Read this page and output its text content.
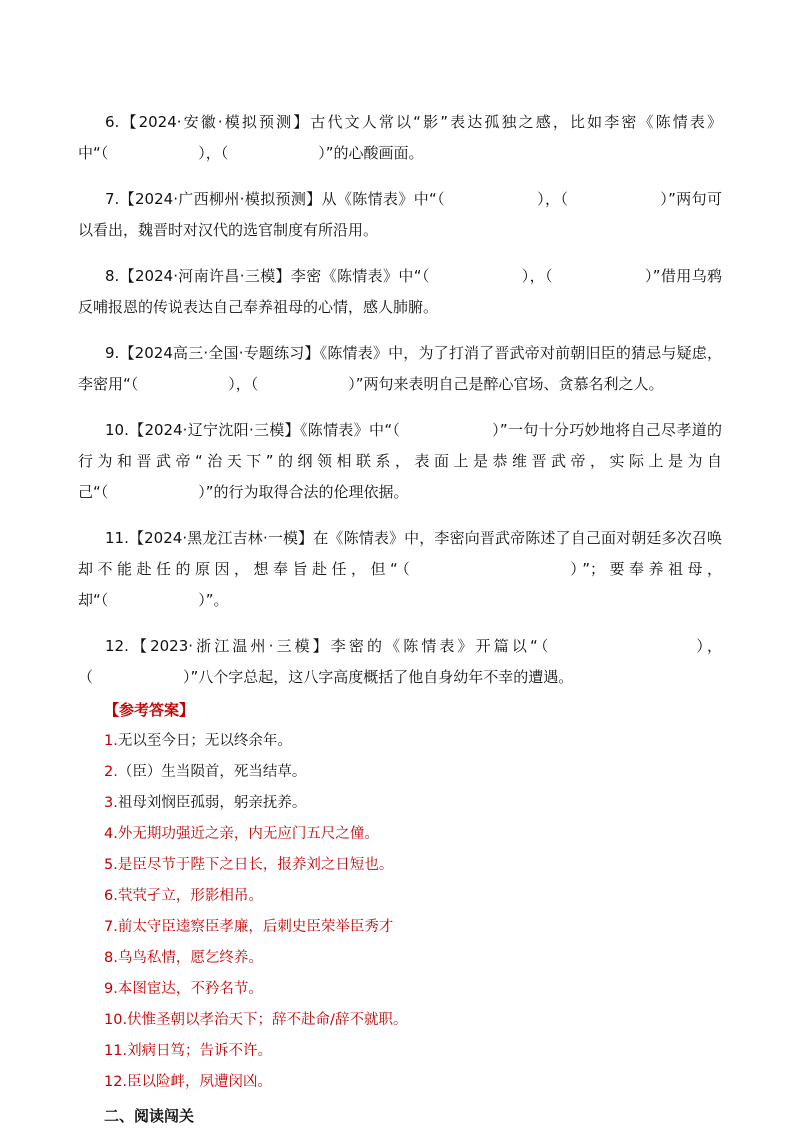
6.【2024·安徽·模拟预测】古代文人常以“影”表达孤独之感，比如李密《陈情表》中“（　　　　　　），（　　　　　　）”的心酸画面。

7.【2024·广西柳州·模拟预测】从《陈情表》中“（　　　　　　），（　　　　　　）”两句可以看出，魏晋时对汉代的选官制度有所沿用。

8.【2024·河南许昌·三模】李密《陈情表》中“（　　　　　　），（　　　　　　）”借用乌鸦反哺报恩的传说表达自己奉养祖母的心情，感人肺腑。

9.【2024高三·全国·专题练习】《陈情表》中，为了打消了晋武帝对前朝旧臣的猜忌与疑虑，李密用“（　　　　　　），（　　　　　　）”两句来表明自己是醉心官场、贪慕名利之人。

10.【2024·辽宁沈阳·三模】《陈情表》中“（　　　　　　）”一句十分巧妙地将自己尽孝道的行为和晋武帝“治天下”的纲领相联系，表面上是恭维晋武帝，实际上是为自己“（　　　　　　）”的行为取得合法的伦理依据。

11.【2024·黑龙江吉林·一模】在《陈情表》中，李密向晋武帝陈述了自己面对朝廷多次召唤却不能赴任的原因，想奉旨赴任，但“（　　　　　　　　）”；要奉养祖母，却“（　　　　　　）”。

12.【2023·浙江温州·三模】李密的《陈情表》开篇以“（　　　　　　　　），（　　　　　　）”八个字总起，这八字高度概括了他自身幼年不幸的遭遇。

【参考答案】
1.无以至今日；无以终余年。
2.（臣）生当陨首，死当结草。
3.祖母刘悯臣孤弱，躬亲抚养。
4.外无期功强近之亲，内无应门五尺之僮。
5.是臣尽节于陛下之日长，报养刘之日短也。
6.茕茕孑立，形影相吊。
7.前太守臣逵察臣孝廉，后刺史臣荣举臣秀才
8.乌鸟私情，愿乞终养。
9.本图宦达，不矜名节。
10.伏惟圣朝以孝治天下；辞不赴命/辞不就职。
11.刘病日笃；告诉不许。
12.臣以险衅，夙遭闵凶。
二、阅读闯关
